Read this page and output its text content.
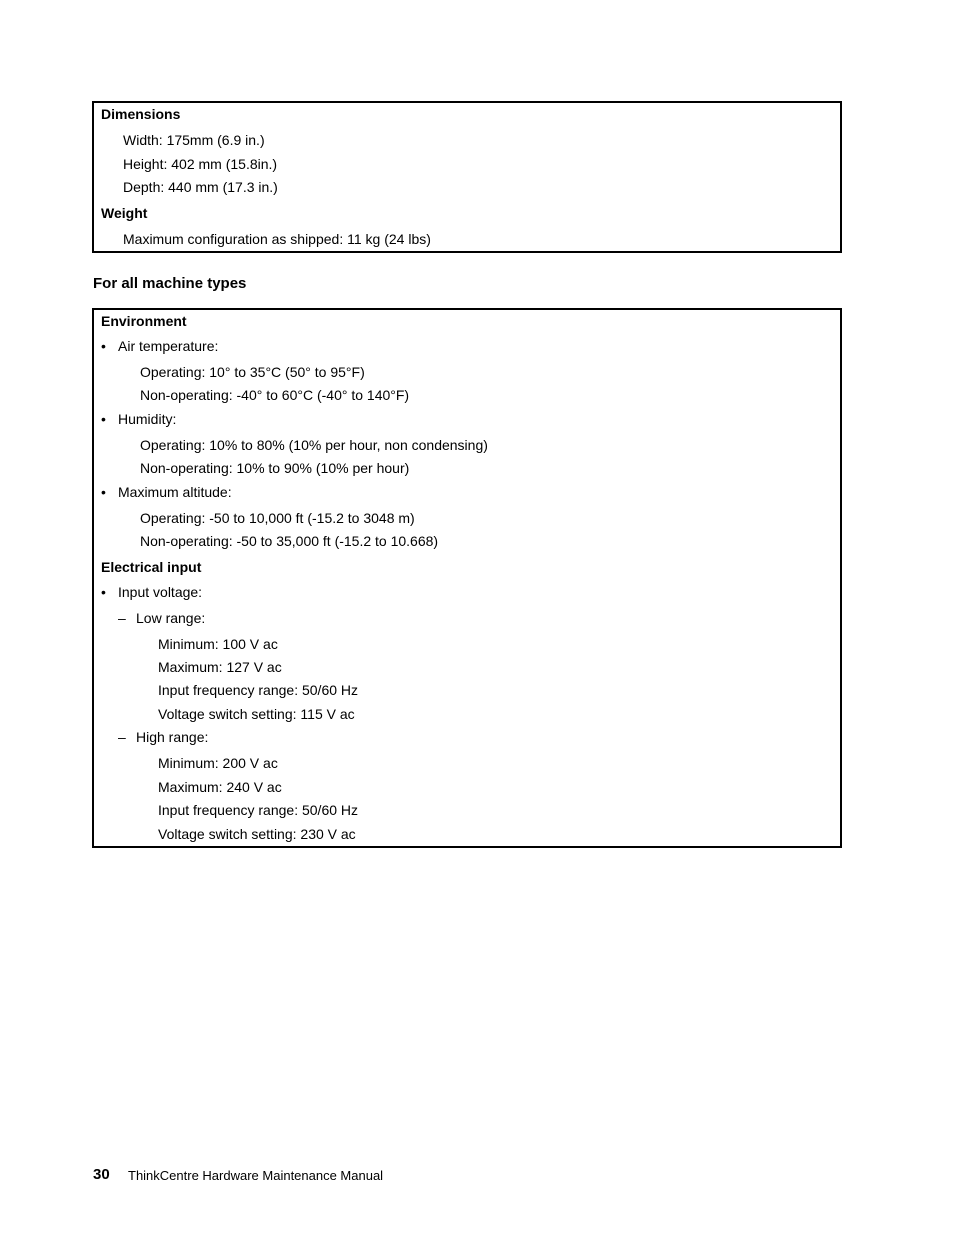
Dimensions
Width: 175mm (6.9 in.)
Height: 402 mm (15.8in.)
Depth: 440 mm (17.3 in.)
Weight
Maximum configuration as shipped: 11 kg (24 lbs)
For all machine types
Environment
• Air temperature:
Operating: 10° to 35°C (50° to 95°F)
Non-operating: -40° to 60°C (-40° to 140°F)
• Humidity:
Operating: 10% to 80% (10% per hour, non condensing)
Non-operating: 10% to 90% (10% per hour)
• Maximum altitude:
Operating: -50 to 10,000 ft (-15.2 to 3048 m)
Non-operating: -50 to 35,000 ft (-15.2 to 10.668)
Electrical input
• Input voltage:
– Low range:
Minimum: 100 V ac
Maximum: 127 V ac
Input frequency range: 50/60 Hz
Voltage switch setting: 115 V ac
– High range:
Minimum: 200 V ac
Maximum: 240 V ac
Input frequency range: 50/60 Hz
Voltage switch setting: 230 V ac
30 ThinkCentre Hardware Maintenance Manual
